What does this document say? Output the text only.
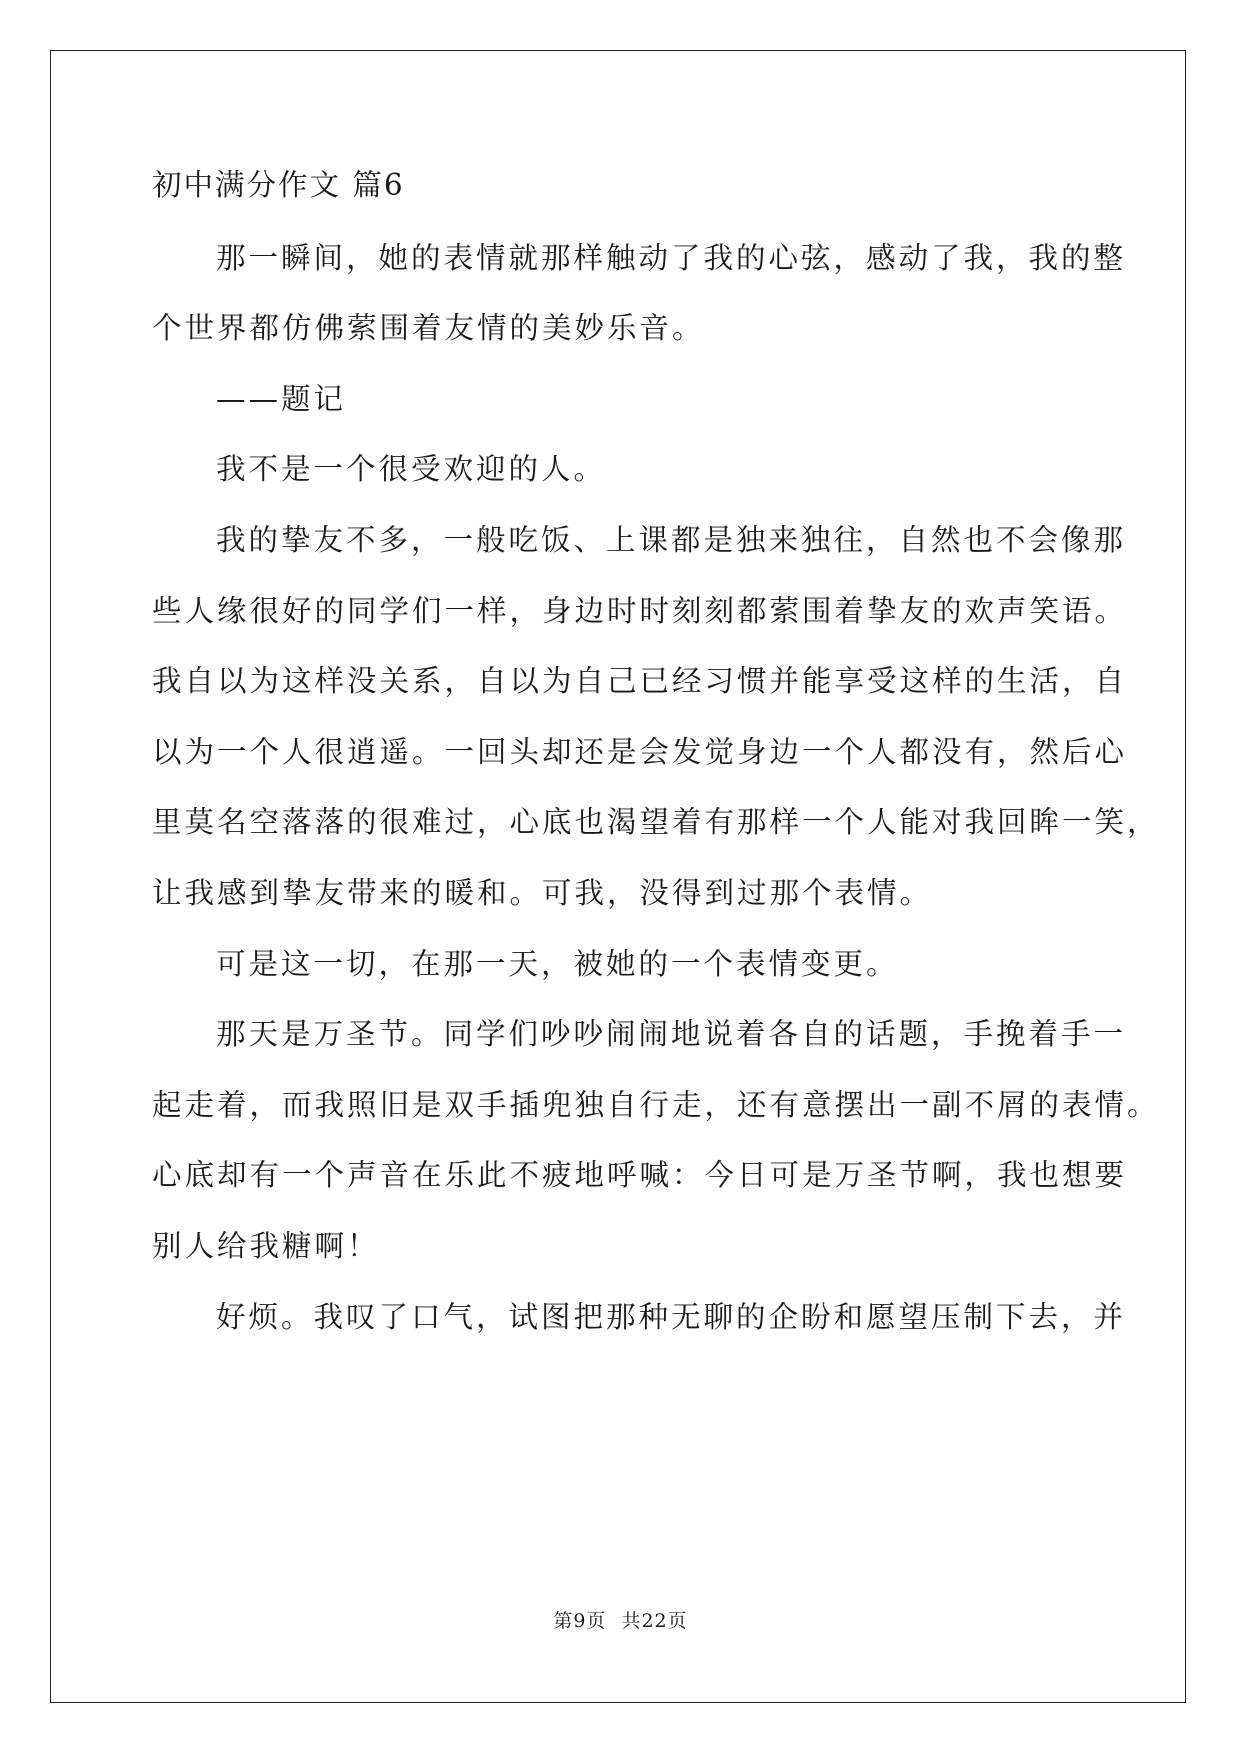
初中满分作文 篇6
那一瞬间，她的表情就那样触动了我的心弦，感动了我，我的整
个世界都仿佛萦围着友情的美妙乐音。
——题记
我不是一个很受欢迎的人。
我的挚友不多，一般吃饭、上课都是独来独往，自然也不会像那
些人缘很好的同学们一样，身边时时刻刻都萦围着挚友的欢声笑语。
我自以为这样没关系，自以为自己已经习惯并能享受这样的生活，自
以为一个人很逍遥。一回头却还是会发觉身边一个人都没有，然后心
里莫名空落落的很难过，心底也渴望着有那样一个人能对我回眸一笑，
让我感到挚友带来的暖和。可我，没得到过那个表情。
可是这一切，在那一天，被她的一个表情变更。
那天是万圣节。同学们吵吵闹闹地说着各自的话题，手挽着手一
起走着，而我照旧是双手插兜独自行走，还有意摆出一副不屑的表情。
心底却有一个声音在乐此不疲地呼喊：今日可是万圣节啊，我也想要
别人给我糖啊！
好烦。我叹了口气，试图把那种无聊的企盼和愿望压制下去，并
第9页 共22页
